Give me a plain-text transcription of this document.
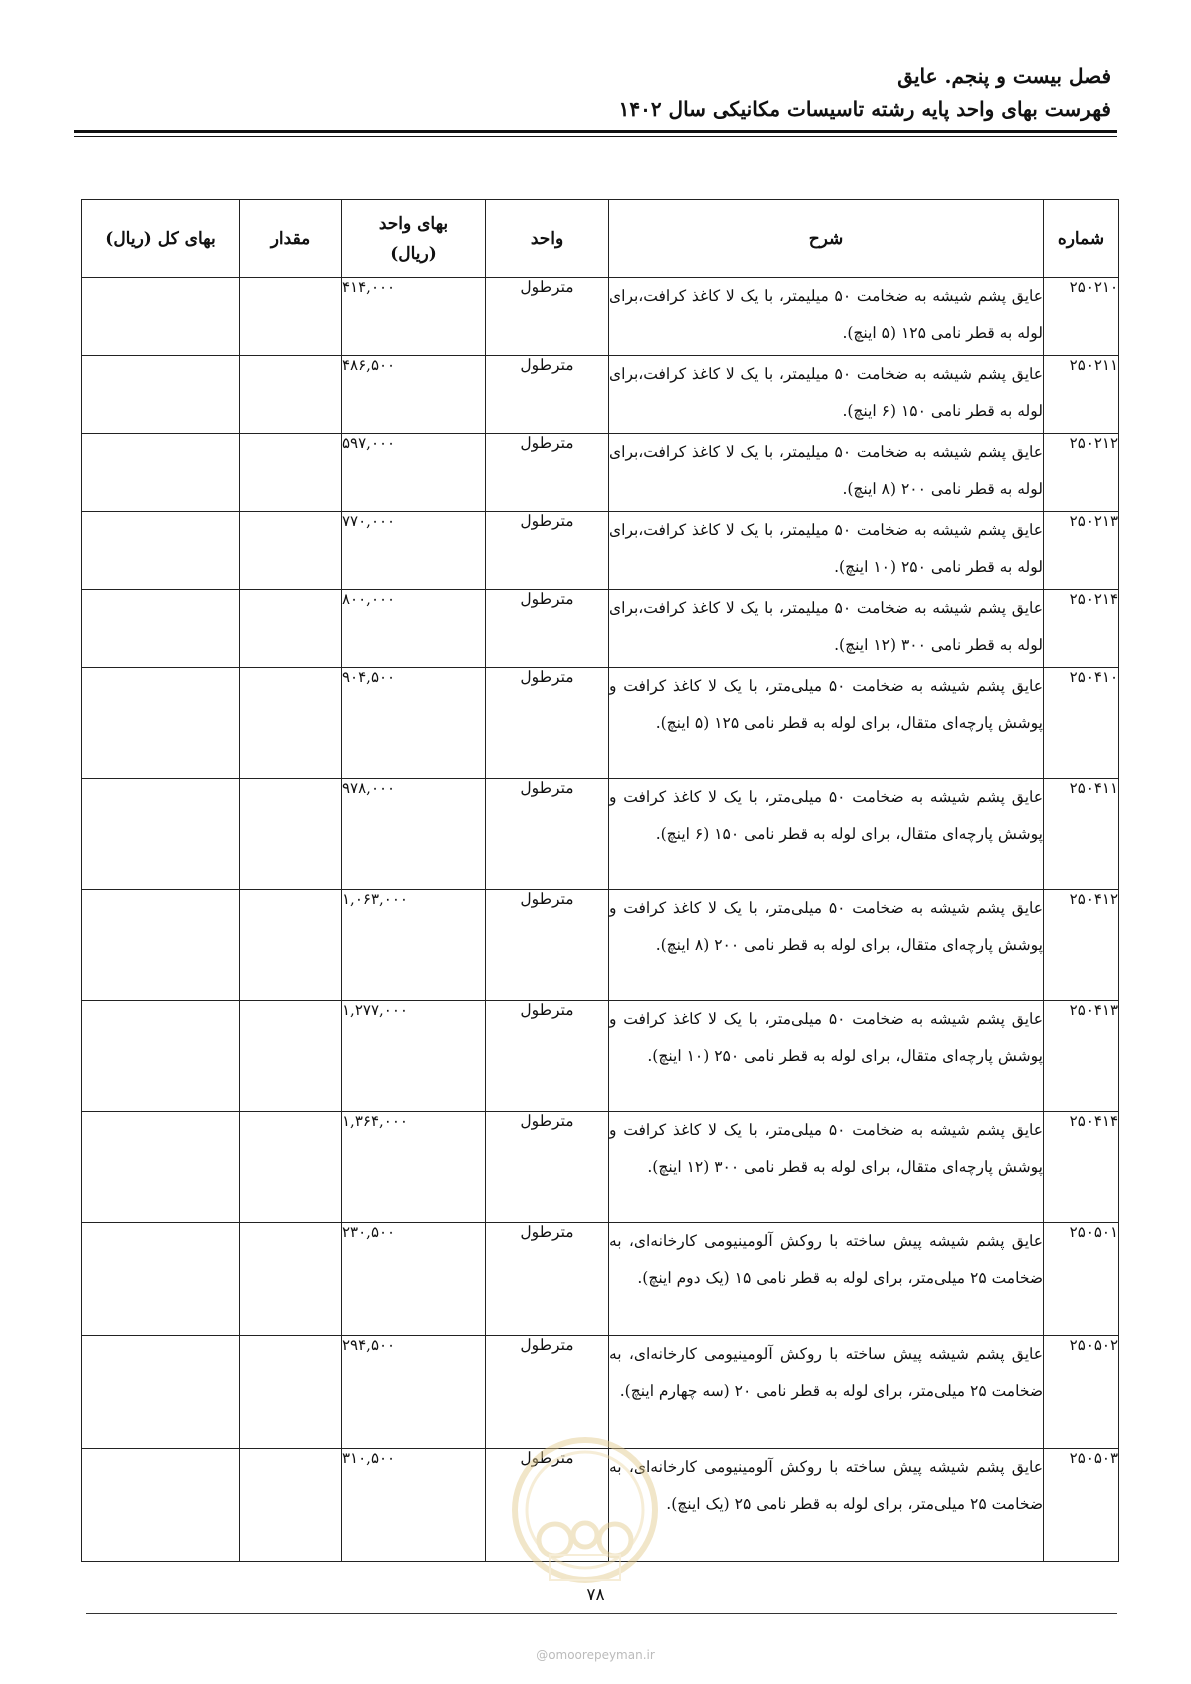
فصل بیست و پنجم. عایق
فهرست بهای واحد پایه رشته تاسیسات مکانیکی سال ۱۴۰۲
شماره	شرح	واحد	بهای واحد
(ریال)	مقدار	بهای کل (ریال)
۲۵۰۲۱۰	عایق پشم شیشه به ضخامت ۵۰ میلیمتر، با یک لا کاغذ کرافت،برای لوله به قطر نامی ۱۲۵ (۵ اینچ).	مترطول	۴۱۴,۰۰۰		
۲۵۰۲۱۱	عایق پشم شیشه به ضخامت ۵۰ میلیمتر، با یک لا کاغذ کرافت،برای لوله به قطر نامی ۱۵۰ (۶ اینچ).	مترطول	۴۸۶,۵۰۰		
۲۵۰۲۱۲	عایق پشم شیشه به ضخامت ۵۰ میلیمتر، با یک لا کاغذ کرافت،برای لوله به قطر نامی ۲۰۰ (۸ اینچ).	مترطول	۵۹۷,۰۰۰		
۲۵۰۲۱۳	عایق پشم شیشه به ضخامت ۵۰ میلیمتر، با یک لا کاغذ کرافت،برای لوله به قطر نامی ۲۵۰ (۱۰ اینچ).	مترطول	۷۷۰,۰۰۰		
۲۵۰۲۱۴	عایق پشم شیشه به ضخامت ۵۰ میلیمتر، با یک لا کاغذ کرافت،برای لوله به قطر نامی ۳۰۰ (۱۲ اینچ).	مترطول	۸۰۰,۰۰۰		
۲۵۰۴۱۰	عایق پشم شیشه به ضخامت ۵۰ میلی‌متر، با یک لا کاغذ کرافت و پوشش پارچه‌ای متقال، برای لوله به قطر نامی ۱۲۵ (۵ اینچ).	مترطول	۹۰۴,۵۰۰		
۲۵۰۴۱۱	عایق پشم شیشه به ضخامت ۵۰ میلی‌متر، با یک لا کاغذ کرافت و پوشش پارچه‌ای متقال، برای لوله به قطر نامی ۱۵۰ (۶ اینچ).	مترطول	۹۷۸,۰۰۰		
۲۵۰۴۱۲	عایق پشم شیشه به ضخامت ۵۰ میلی‌متر، با یک لا کاغذ کرافت و پوشش پارچه‌ای متقال، برای لوله به قطر نامی ۲۰۰ (۸ اینچ).	مترطول	۱,۰۶۳,۰۰۰		
۲۵۰۴۱۳	عایق پشم شیشه به ضخامت ۵۰ میلی‌متر، با یک لا کاغذ کرافت و پوشش پارچه‌ای متقال، برای لوله به قطر نامی ۲۵۰ (۱۰ اینچ).	مترطول	۱,۲۷۷,۰۰۰		
۲۵۰۴۱۴	عایق پشم شیشه به ضخامت ۵۰ میلی‌متر، با یک لا کاغذ کرافت و پوشش پارچه‌ای متقال، برای لوله به قطر نامی ۳۰۰ (۱۲ اینچ).	مترطول	۱,۳۶۴,۰۰۰		
۲۵۰۵۰۱	عایق پشم شیشه پیش ساخته با روکش آلومینیومی کارخانه‌ای، به ضخامت ۲۵ میلی‌متر، برای لوله به قطر نامی ۱۵ (یک دوم اینچ).	مترطول	۲۳۰,۵۰۰		
۲۵۰۵۰۲	عایق پشم شیشه پیش ساخته با روکش آلومینیومی کارخانه‌ای، به ضخامت ۲۵ میلی‌متر، برای لوله به قطر نامی ۲۰ (سه چهارم اینچ).	مترطول	۲۹۴,۵۰۰		
۲۵۰۵۰۳	عایق پشم شیشه پیش ساخته با روکش آلومینیومی کارخانه‌ای، به ضخامت ۲۵ میلی‌متر، برای لوله به قطر نامی ۲۵ (یک اینچ).	مترطول	۳۱۰,۵۰۰		
۷۸
@omoorepeyman.ir
